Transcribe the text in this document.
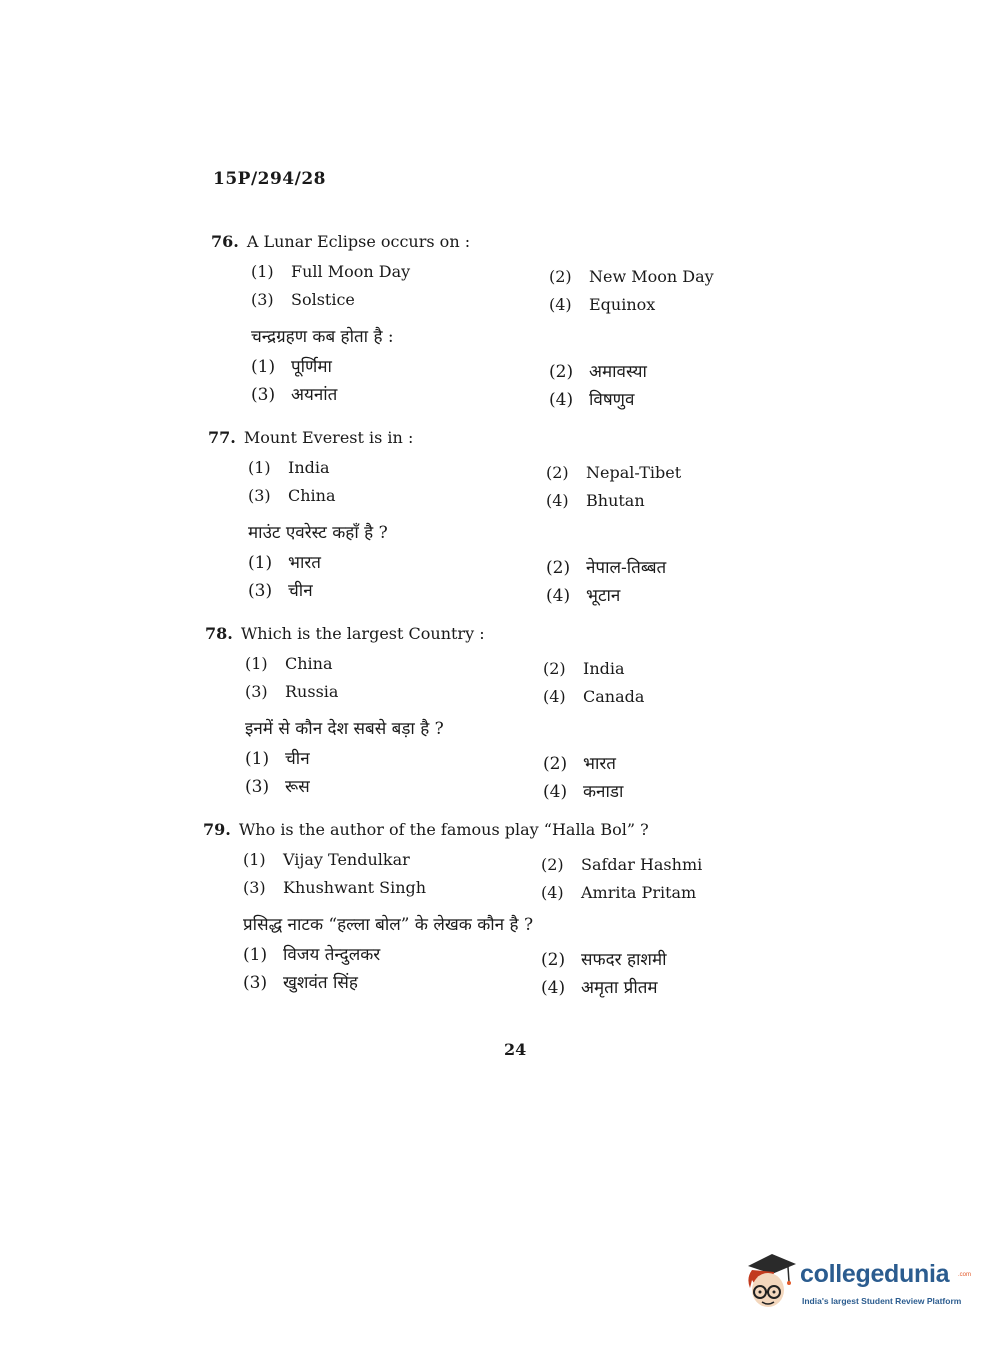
15P/294/28
76. A Lunar Eclipse occurs on :
(1) Full Moon Day	(2) New Moon Day
(3) Solstice	(4) Equinox
चन्द्रग्रहण कब होता है :
(1) पूर्णिमा	(2) अमावस्या
(3) अयनांत	(4) विषणुव
77. Mount Everest is in :
(1) India	(2) Nepal-Tibet
(3) China	(4) Bhutan
माउंट एवरेस्ट कहाँ है ?
(1) भारत	(2) नेपाल-तिब्बत
(3) चीन	(4) भूटान
78. Which is the largest Country :
(1) China	(2) India
(3) Russia	(4) Canada
इनमें से कौन देश सबसे बड़ा है ?
(1) चीन	(2) भारत
(3) रूस	(4) कनाडा
79. Who is the author of the famous play “Halla Bol” ?
(1) Vijay Tendulkar	(2) Safdar Hashmi
(3) Khushwant Singh	(4) Amrita Pritam
प्रसिद्ध नाटक “हल्ला बोल” के लेखक कौन है ?
(1) विजय तेन्दुलकर	(2) सफदर हाशमी
(3) खुशवंत सिंह	(4) अमृता प्रीतम
24
collegedunia .com
India's largest Student Review Platform
